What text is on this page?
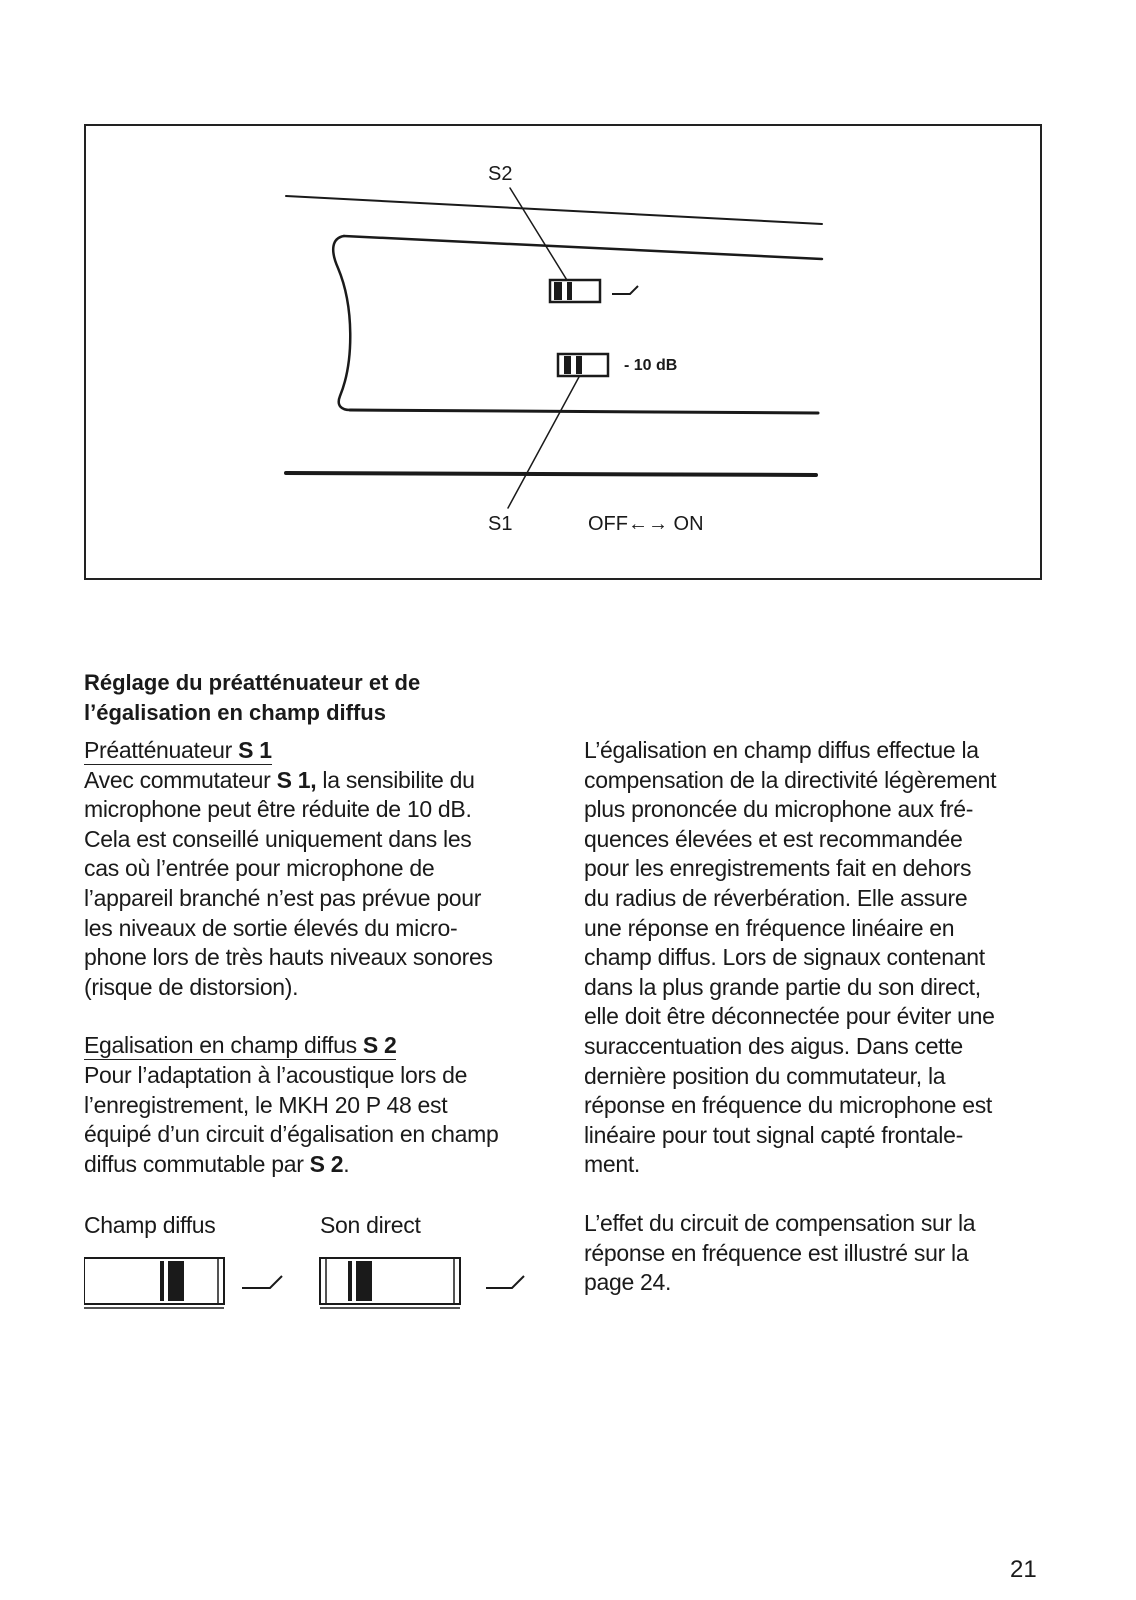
S2
- 10 dB
S1	OFF←→ ON
Réglage du préatténuateur et de
l’égalisation en champ diffus
Préatténuateur S 1

Avec commutateur S 1, la sensibilite du

microphone peut être réduite de 10 dB.

Cela est conseillé uniquement dans les

cas où l’entrée pour microphone de

l’appareil branché n’est pas prévue pour

les niveaux de sortie élevés du micro-

phone lors de très hauts niveaux sonores

(risque de distorsion).

Egalisation en champ diffus S 2

Pour l’adaptation à l’acoustique lors de

l’enregistrement, le MKH 20 P 48 est

équipé d’un circuit d’égalisation en champ

diffus commutable par S 2.

Champ diffus	Son direct

L’égalisation en champ diffus effectue la

compensation de la directivité légèrement

plus prononcée du microphone aux fré-

quences élevées et est recommandée

pour les enregistrements fait en dehors

du radius de réverbération. Elle assure

une réponse en fréquence linéaire en

champ diffus. Lors de signaux contenant

dans la plus grande partie du son direct,

elle doit être déconnectée pour éviter une

suraccentuation des aigus. Dans cette

dernière position du commutateur, la

réponse en fréquence du microphone est

linéaire pour tout signal capté frontale-

ment.

L’effet du circuit de compensation sur la

réponse en fréquence est illustré sur la

page 24.

21
